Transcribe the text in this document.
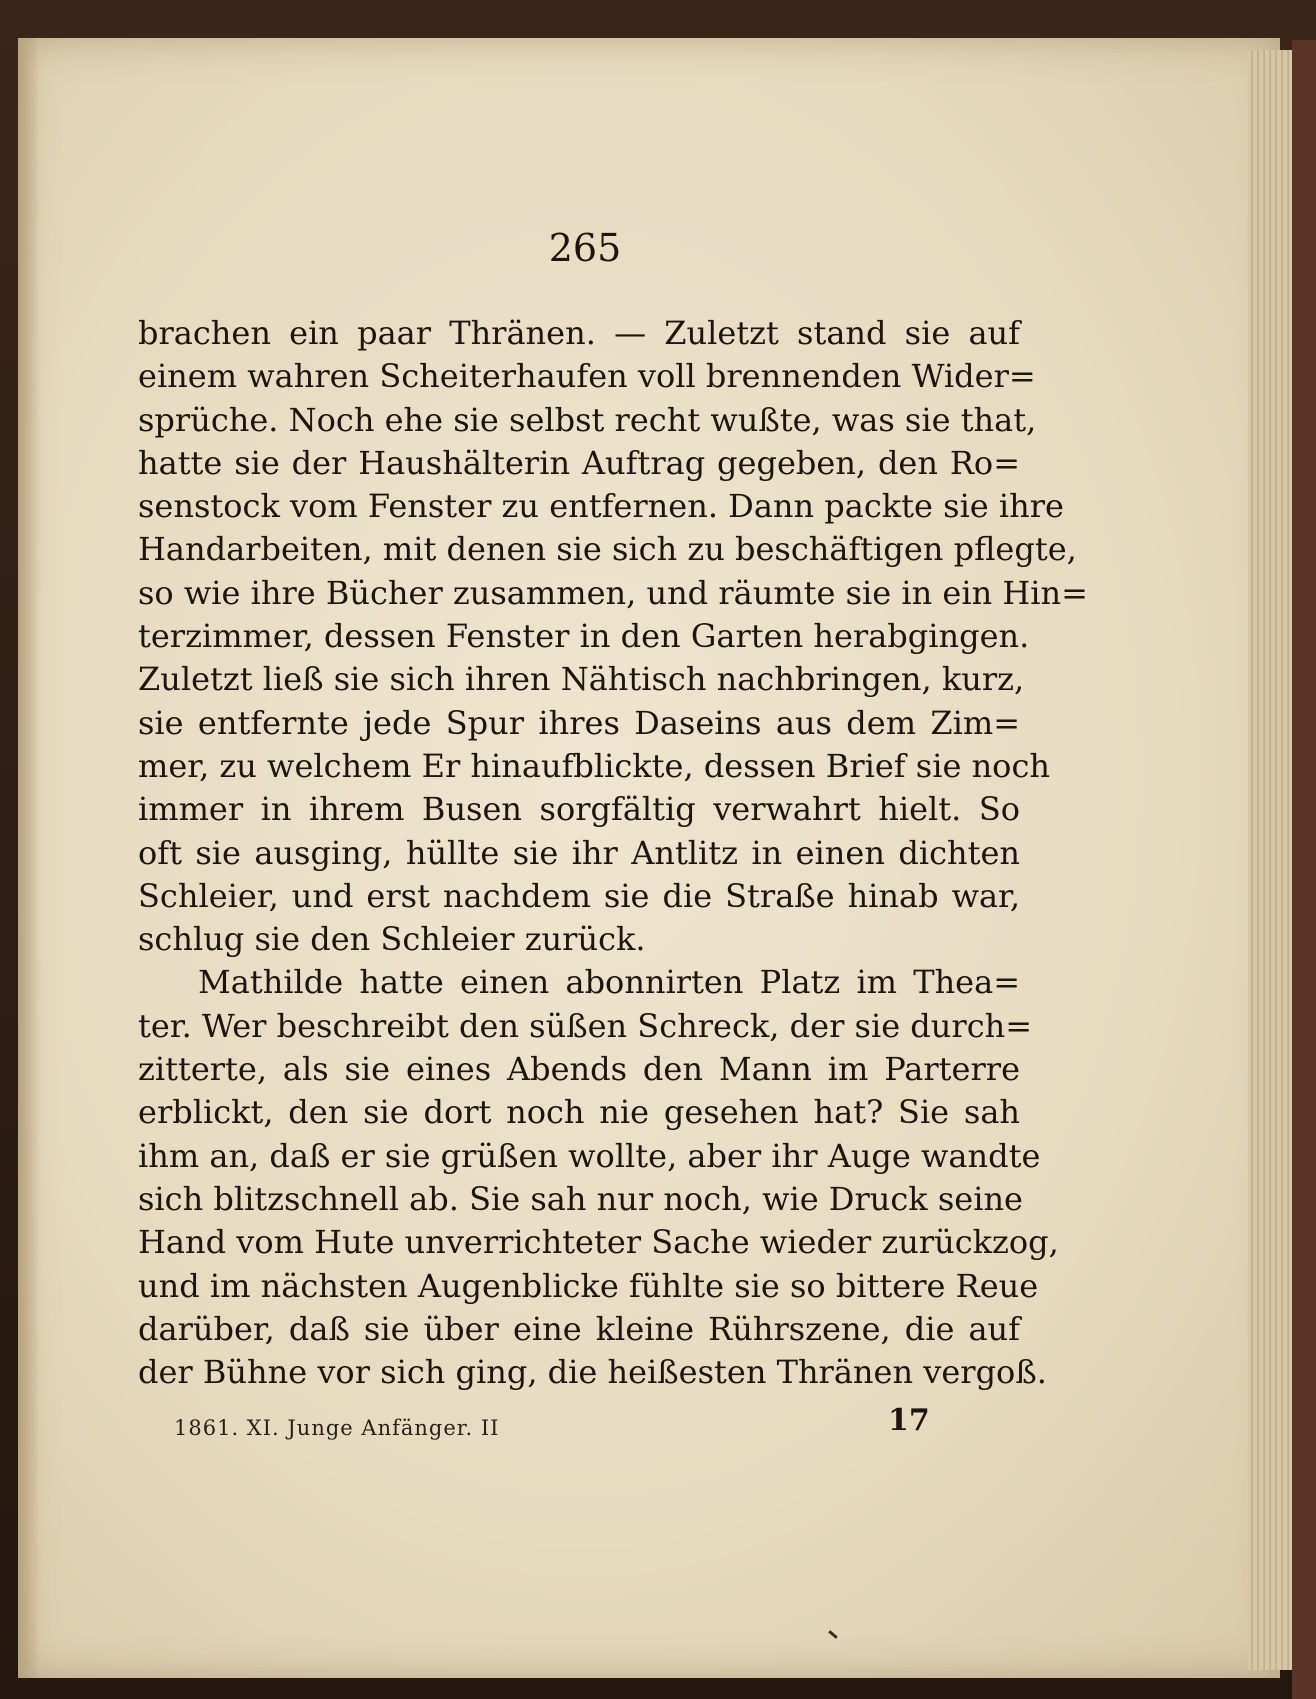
265
brachen ein paar Thränen. — Zuletzt stand sie auf
einem wahren Scheiterhaufen voll brennenden Wider=
sprüche. Noch ehe sie selbst recht wußte, was sie that,
hatte sie der Haushälterin Auftrag gegeben, den Ro=
senstock vom Fenster zu entfernen. Dann packte sie ihre
Handarbeiten, mit denen sie sich zu beschäftigen pflegte,
so wie ihre Bücher zusammen, und räumte sie in ein Hin=
terzimmer, dessen Fenster in den Garten herabgingen.
Zuletzt ließ sie sich ihren Nähtisch nachbringen, kurz,
sie entfernte jede Spur ihres Daseins aus dem Zim=
mer, zu welchem Er hinaufblickte, dessen Brief sie noch
immer in ihrem Busen sorgfältig verwahrt hielt. So
oft sie ausging, hüllte sie ihr Antlitz in einen dichten
Schleier, und erst nachdem sie die Straße hinab war,
schlug sie den Schleier zurück.
Mathilde hatte einen abonnirten Platz im Thea=
ter. Wer beschreibt den süßen Schreck, der sie durch=
zitterte, als sie eines Abends den Mann im Parterre
erblickt, den sie dort noch nie gesehen hat? Sie sah
ihm an, daß er sie grüßen wollte, aber ihr Auge wandte
sich blitzschnell ab. Sie sah nur noch, wie Druck seine
Hand vom Hute unverrichteter Sache wieder zurückzog,
und im nächsten Augenblicke fühlte sie so bittere Reue
darüber, daß sie über eine kleine Rührszene, die auf
der Bühne vor sich ging, die heißesten Thränen vergoß.
1861. XI. Junge Anfänger. II	17
